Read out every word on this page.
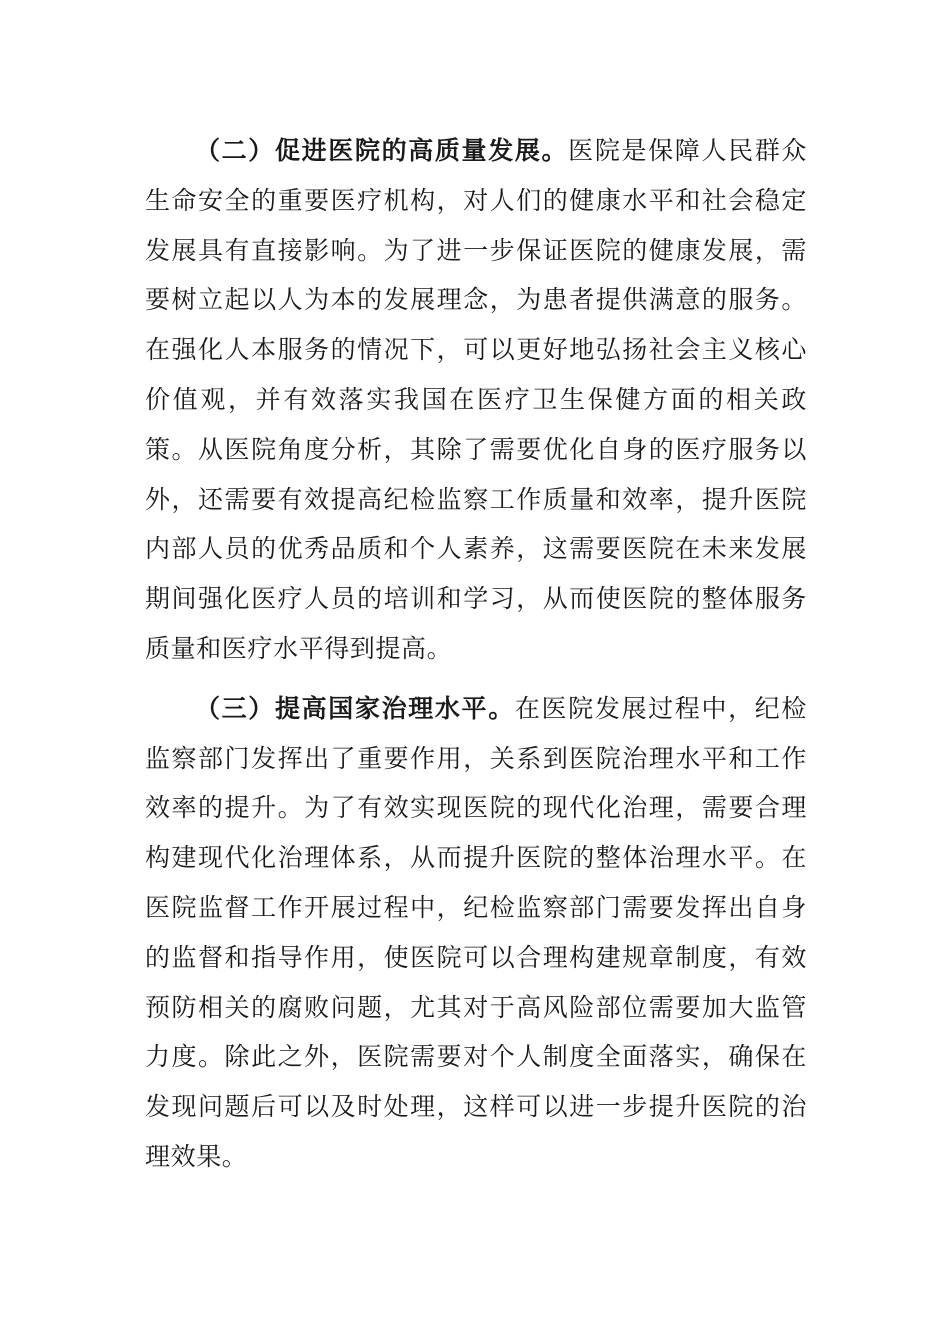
（二）促进医院的高质量发展。医院是保障人民群众生命安全的重要医疗机构，对人们的健康水平和社会稳定发展具有直接影响。为了进一步保证医院的健康发展，需要树立起以人为本的发展理念，为患者提供满意的服务。在强化人本服务的情况下，可以更好地弘扬社会主义核心价值观，并有效落实我国在医疗卫生保健方面的相关政策。从医院角度分析，其除了需要优化自身的医疗服务以外，还需要有效提高纪检监察工作质量和效率，提升医院内部人员的优秀品质和个人素养，这需要医院在未来发展期间强化医疗人员的培训和学习，从而使医院的整体服务质量和医疗水平得到提高。

（三）提高国家治理水平。在医院发展过程中，纪检监察部门发挥出了重要作用，关系到医院治理水平和工作效率的提升。为了有效实现医院的现代化治理，需要合理构建现代化治理体系，从而提升医院的整体治理水平。在医院监督工作开展过程中，纪检监察部门需要发挥出自身的监督和指导作用，使医院可以合理构建规章制度，有效预防相关的腐败问题，尤其对于高风险部位需要加大监管力度。除此之外，医院需要对个人制度全面落实，确保在发现问题后可以及时处理，这样可以进一步提升医院的治理效果。
